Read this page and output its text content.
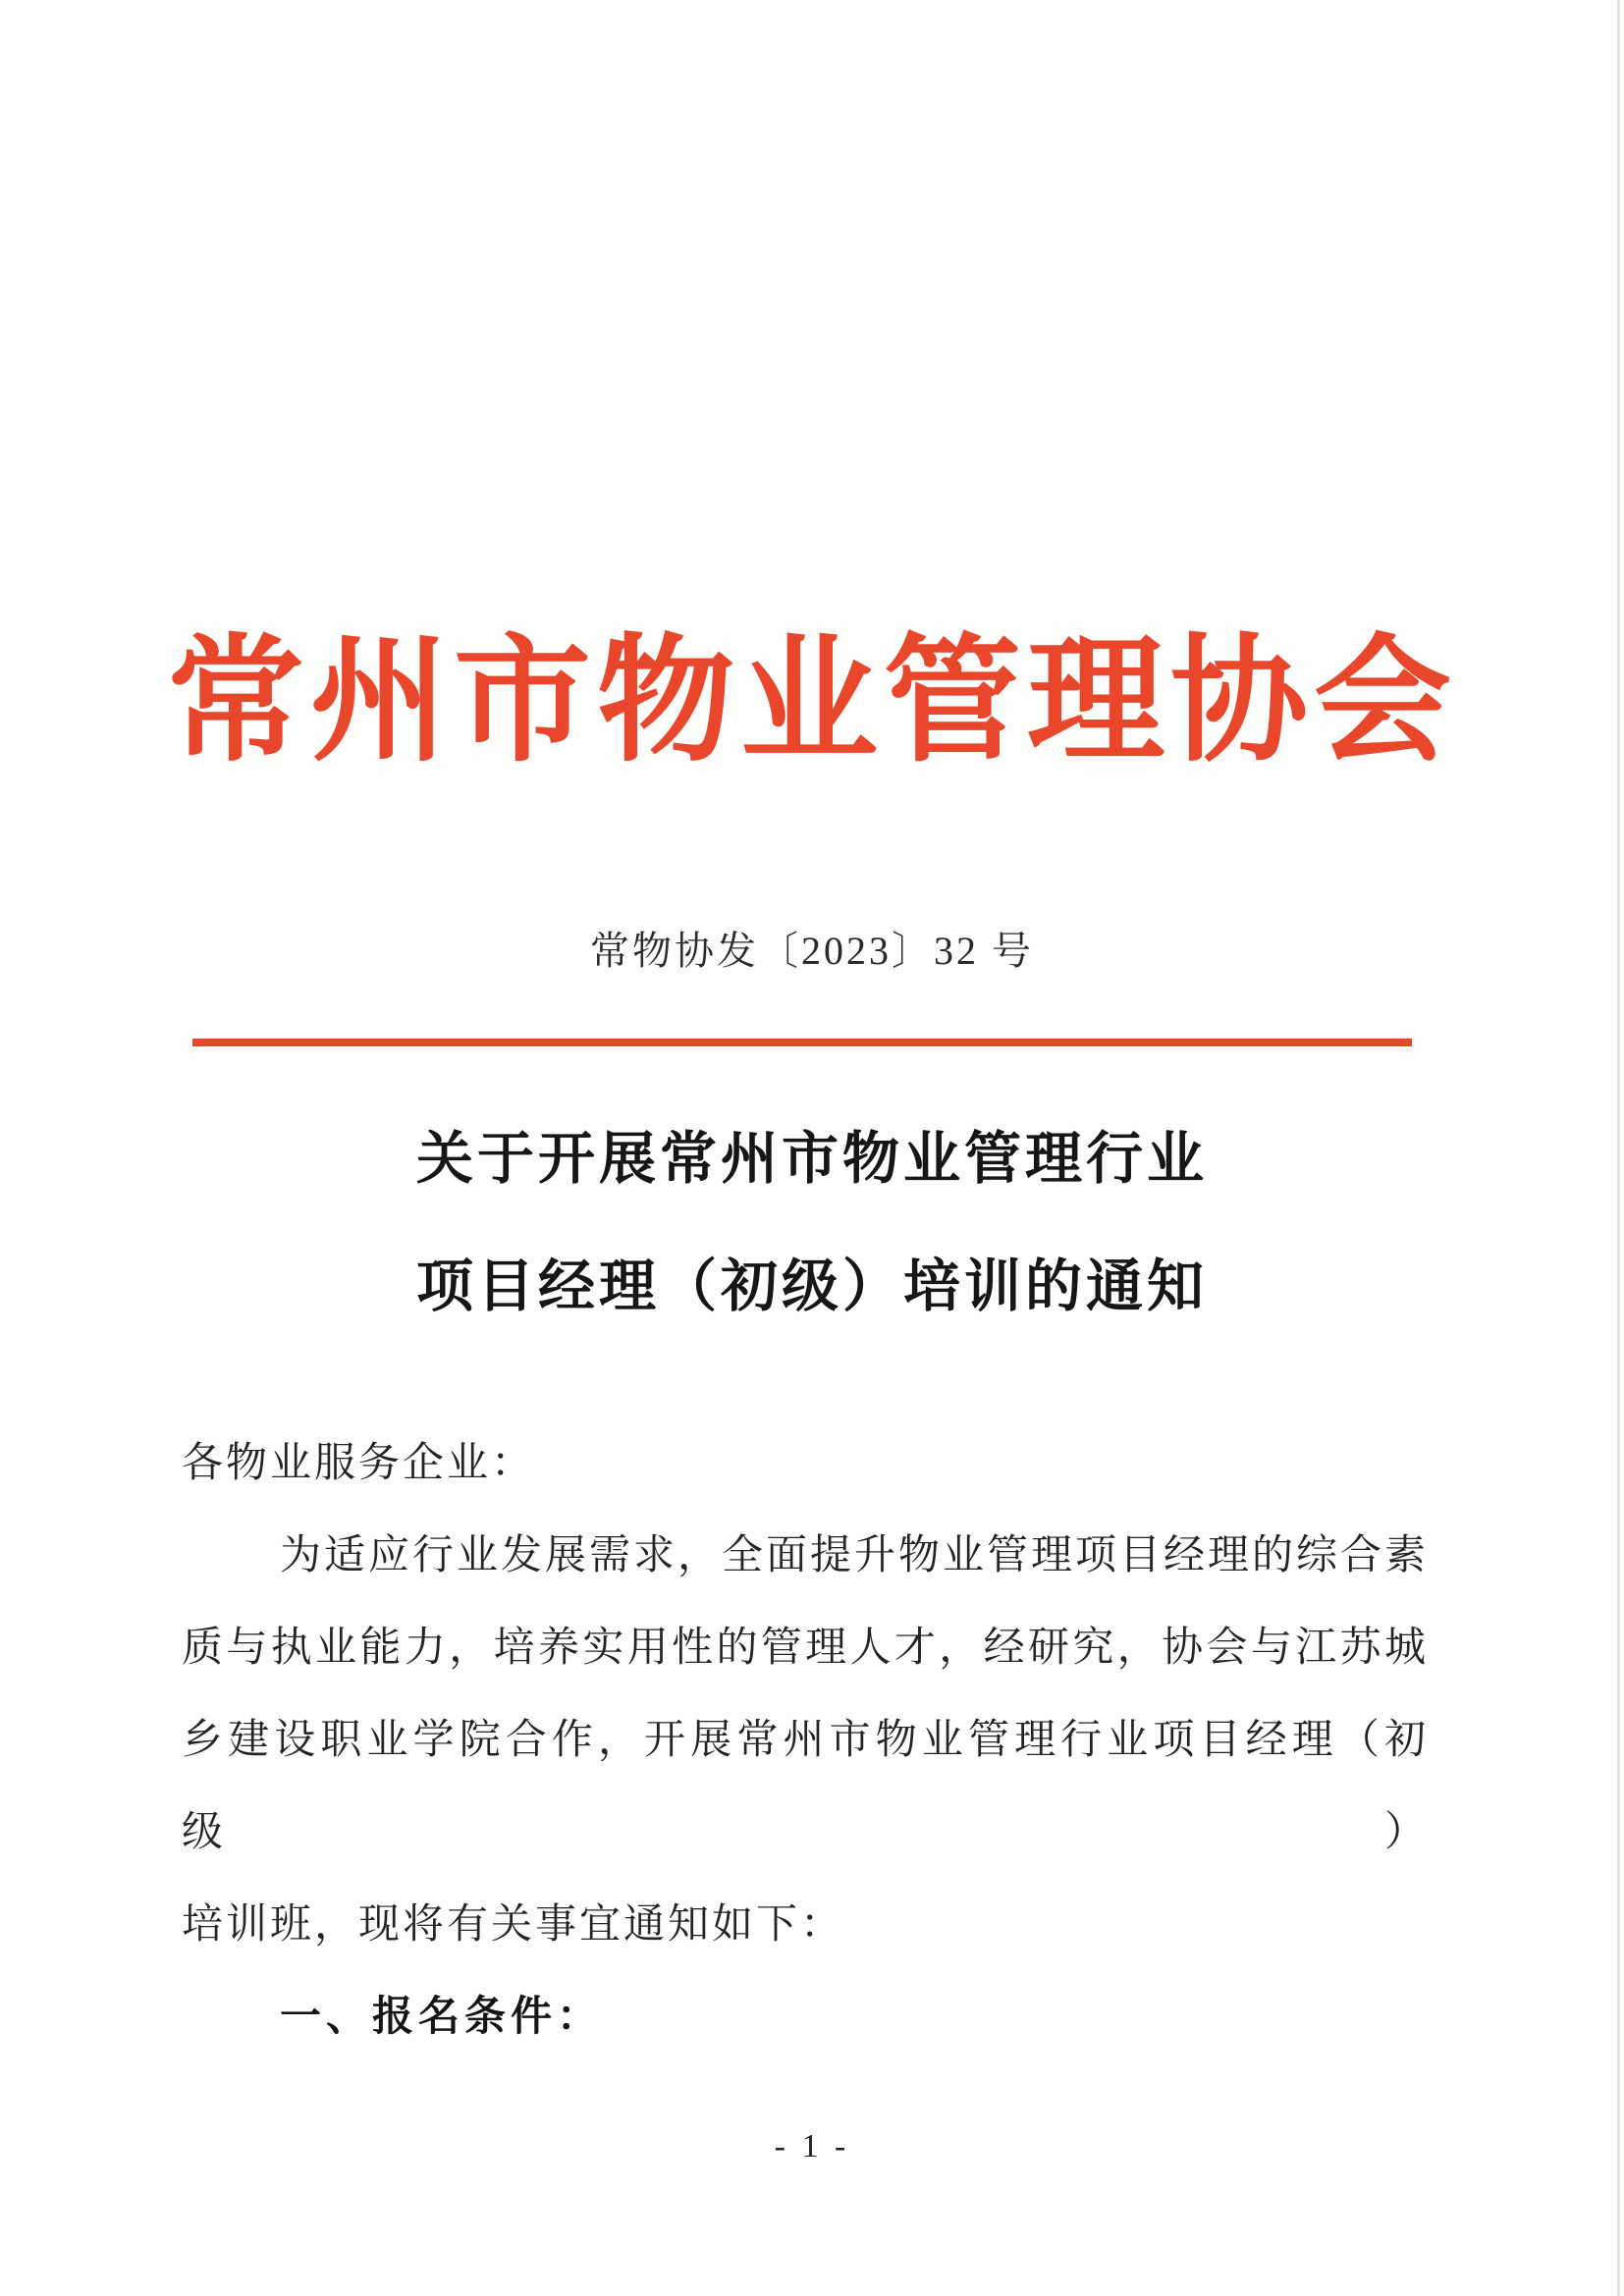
常州市物业管理协会
常物协发〔2023〕32 号
关于开展常州市物业管理行业
项目经理（初级）培训的通知
各物业服务企业：
为适应行业发展需求，全面提升物业管理项目经理的综合素
质与执业能力，培养实用性的管理人才，经研究，协会与江苏城
乡建设职业学院合作，开展常州市物业管理行业项目经理（初级）
培训班，现将有关事宜通知如下：
一、报名条件：
- 1 -
